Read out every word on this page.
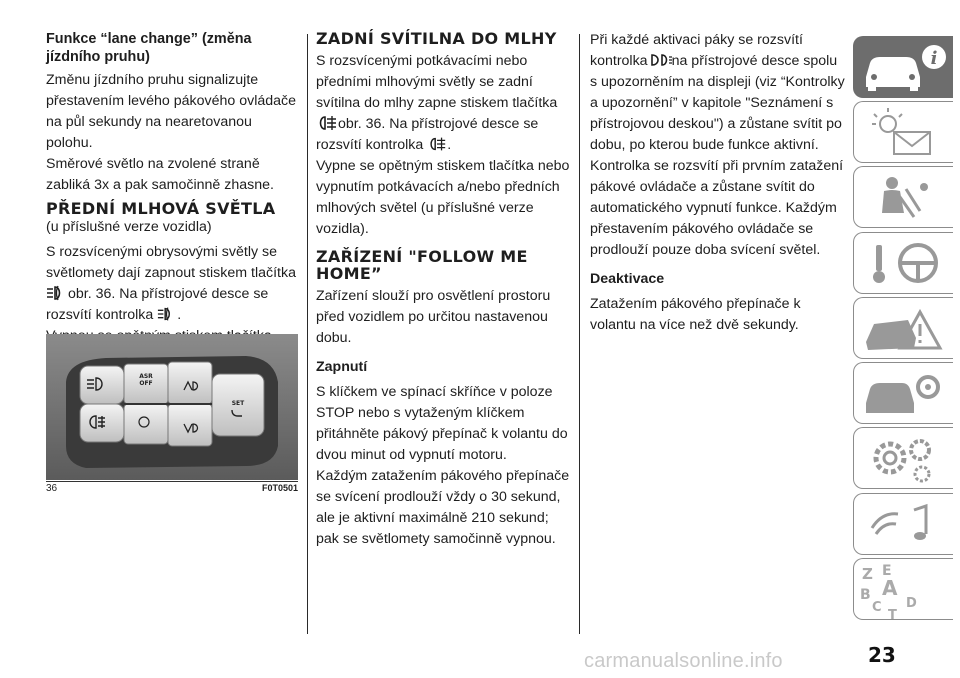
Funkce “lane change” (změna jízdního pruhu)

Změnu jízdního pruhu signalizujte přestavením levého pákového ovládače na půl sekundy na nearetovanou polohu.

Směrové světlo na zvolené straně zabliká 3x a pak samočinně zhasne.

PŘEDNÍ MLHOVÁ SVĚTLA

(u příslušné verze vozidla)

S rozsvícenými obrysovými světly se světlomety dají zapnout stiskem tlačítka
obr. 36. Na přístrojové desce se rozsvítí kontrolka .

ASR
OFF
SET
36	F0T0501

ZADNÍ SVÍTILNA DO MLHY

S rozsvícenými potkávacími nebo předními mlhovými světly se zadní svítilna do mlhy zapne stiskem tlačítka
obr. 36. Na přístrojové desce se rozsvítí kontrolka .

Vypne se opětným stiskem tlačítka nebo vypnutím potkávacích a/nebo předních mlhových světel (u příslušné verze vozidla).

ZAŘÍZENÍ "FOLLOW ME HOME”

Zařízení slouží pro osvětlení prostoru před vozidlem po určitou nastavenou dobu.

Zapnutí

S klíčkem ve spínací skříňce v poloze STOP nebo s vytaženým klíčkem přitáhněte pákový přepínač k volantu do dvou minut od vypnutí motoru.

Každým zatažením pákového přepínače se svícení prodlouží vždy o 30 sekund, ale je aktivní maximálně 210 sekund; pak se světlomety samočinně vypnou.

Při každé aktivaci páky se rozsvítí kontrolka na přístrojové desce spolu s upozorněním na displeji (viz “Kontrolky a upozornění” v kapitole "Seznámení s přístrojovou deskou") a zůstane svítit po dobu, po kterou bude funkce aktivní. Kontrolka se rozsvítí při prvním zatažení pákové ovládače a zůstane svítit do automatického vypnutí funkce. Každým přestavením pákového ovládače se prodlouží pouze doba svícení světel.

Deaktivace

Zatažením pákového přepínače k volantu na více než dvě sekundy.

i
Z E
B A
C
T
D
23
carmanualsonline.info
